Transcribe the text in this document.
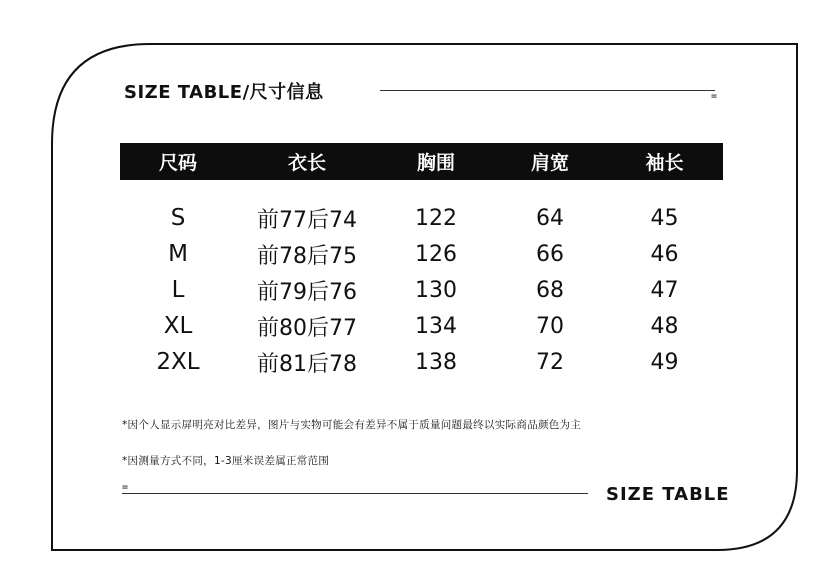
SIZE TABLE/尺寸信息	=
尺码	衣长	胸围	肩宽	袖长
S	前77后74	122	64	45
M	前78后75	126	66	46
L	前79后76	130	68	47
XL	前80后77	134	70	48
2XL	前81后78	138	72	49
*因个人显示屏明亮对比差异，图片与实物可能会有差异不属于质量问题最终以实际商品颜色为主
*因测量方式不同，1-3厘米误差属正常范围
=	SIZE TABLE
